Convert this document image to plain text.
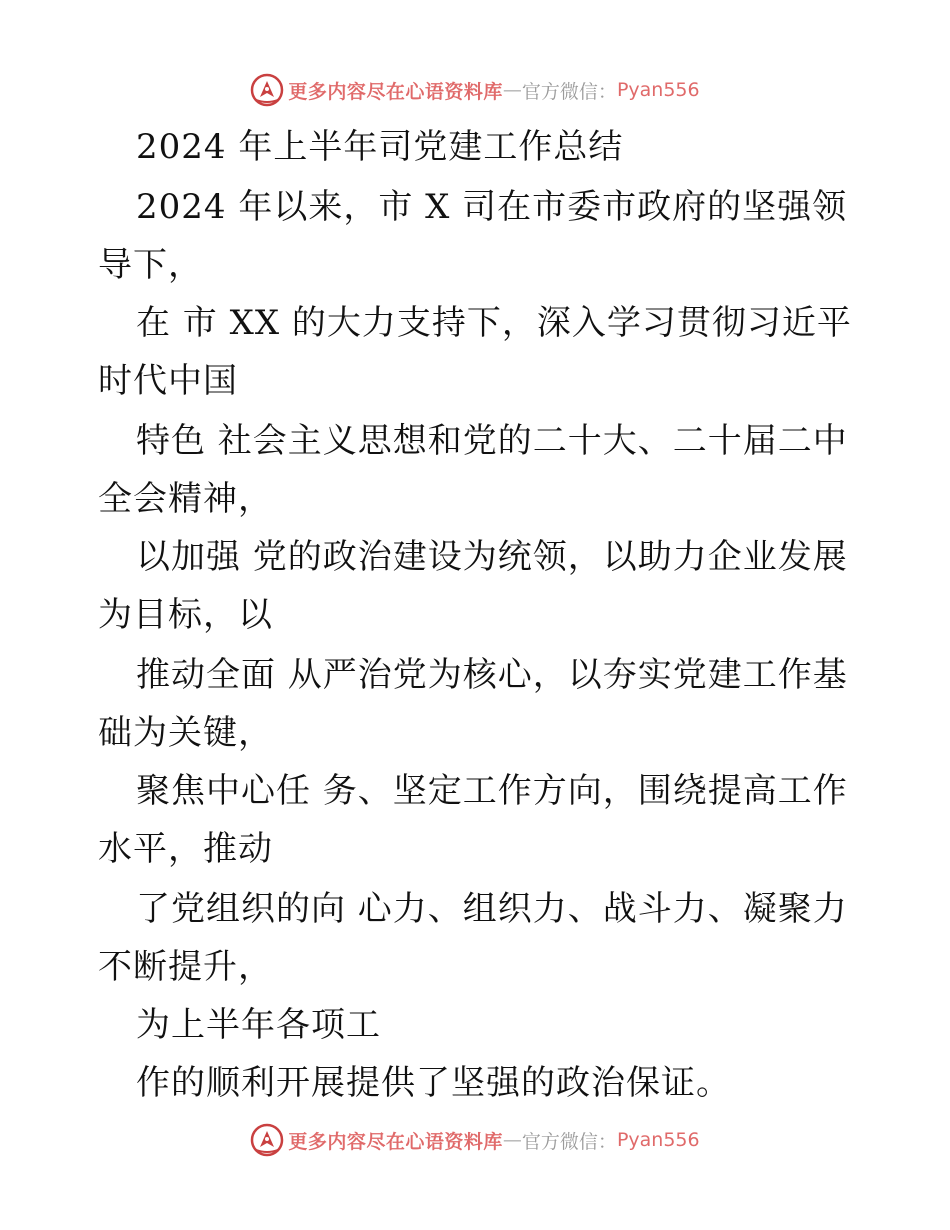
更多内容尽在心语资料库 — 官方微信： Pyan556
2024 年上半年司党建工作总结
2024 年以来，市 X 司在市委市政府的坚强领
导下，
在 市 XX 的大力支持下，深入学习贯彻习近平
时代中国
特色 社会主义思想和党的二十大、二十届二中
全会精神，
以加强 党的政治建设为统领，以助力企业发展
为目标，以
推动全面 从严治党为核心，以夯实党建工作基
础为关键，
聚焦中心任 务、坚定工作方向，围绕提高工作
水平，推动
了党组织的向 心力、组织力、战斗力、凝聚力
不断提升，
为上半年各项工
作的顺利开展提供了坚强的政治保证。
更多内容尽在心语资料库 — 官方微信： Pyan556
